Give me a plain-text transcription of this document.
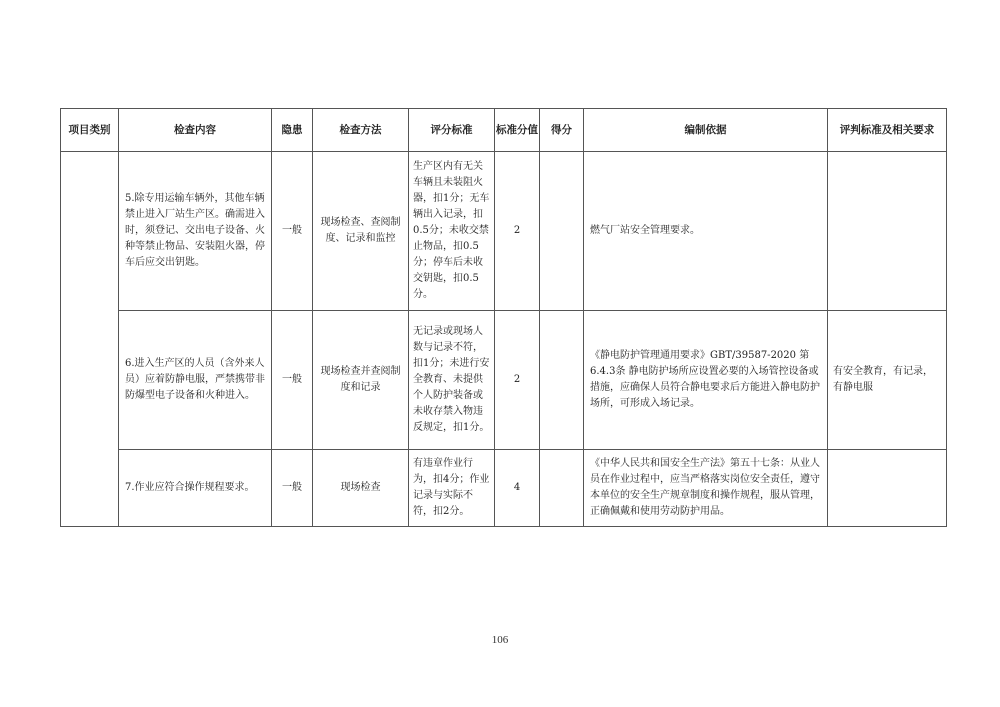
项目类别	检查内容	隐患	检查方法	评分标准	标准分值	得分	编制依据	评判标准及相关要求
	5.除专用运输车辆外，其他车辆禁止进入厂站生产区。确需进入时，须登记、交出电子设备、火种等禁止物品、安装阻火器，停车后应交出钥匙。	一般	现场检查、查阅制度、记录和监控	生产区内有无关车辆且未装阻火器，扣1分；无车辆出入记录，扣0.5分；未收交禁止物品，扣0.5分；停车后未收交钥匙，扣0.5分。	2		燃气厂站安全管理要求。	
	6.进入生产区的人员（含外来人员）应着防静电服，严禁携带非防爆型电子设备和火种进入。	一般	现场检查并查阅制度和记录	无记录或现场人数与记录不符，扣1分；未进行安全教育、未提供个人防护装备或未收存禁入物违反规定，扣1分。	2		《静电防护管理通用要求》GBT/39587-2020 第6.4.3条 静电防护场所应设置必要的入场管控设备或措施，应确保人员符合静电要求后方能进入静电防护场所，可形成入场记录。	有安全教育，有记录，有静电服
	7.作业应符合操作规程要求。	一般	现场检查	有违章作业行为，扣4分；作业记录与实际不符，扣2分。	4		《中华人民共和国安全生产法》第五十七条：从业人员在作业过程中，应当严格落实岗位安全责任，遵守本单位的安全生产规章制度和操作规程，服从管理，正确佩戴和使用劳动防护用品。	
106
